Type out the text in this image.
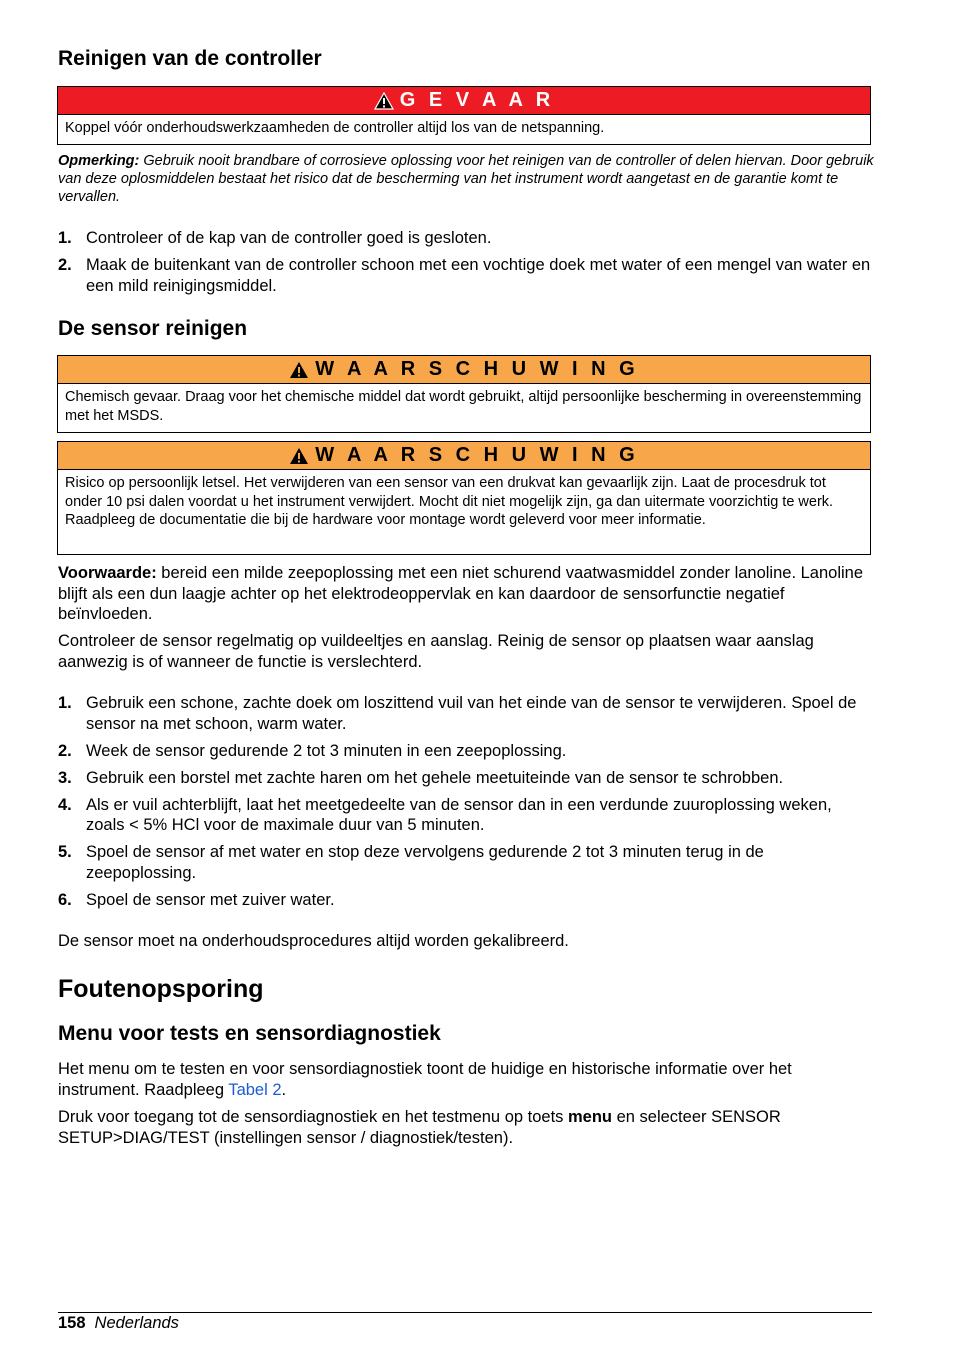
Reinigen van de controller
G E V A A R
Koppel vóór onderhoudswerkzaamheden de controller altijd los van de netspanning.
Opmerking: Gebruik nooit brandbare of corrosieve oplossing voor het reinigen van de controller of delen hiervan. Door gebruik van deze oplosmiddelen bestaat het risico dat de bescherming van het instrument wordt aangetast en de garantie komt te vervallen.
1. Controleer of de kap van de controller goed is gesloten.
2. Maak de buitenkant van de controller schoon met een vochtige doek met water of een mengel van water en een mild reinigingsmiddel.
De sensor reinigen
W A A R S C H U W I N G
Chemisch gevaar. Draag voor het chemische middel dat wordt gebruikt, altijd persoonlijke bescherming in overeenstemming met het MSDS.
W A A R S C H U W I N G
Risico op persoonlijk letsel. Het verwijderen van een sensor van een drukvat kan gevaarlijk zijn. Laat de procesdruk tot onder 10 psi dalen voordat u het instrument verwijdert. Mocht dit niet mogelijk zijn, ga dan uitermate voorzichtig te werk. Raadpleeg de documentatie die bij de hardware voor montage wordt geleverd voor meer informatie.
Voorwaarde: bereid een milde zeepoplossing met een niet schurend vaatwasmiddel zonder lanoline. Lanoline blijft als een dun laagje achter op het elektrodeoppervlak en kan daardoor de sensorfunctie negatief beïnvloeden.
Controleer de sensor regelmatig op vuildeeltjes en aanslag. Reinig de sensor op plaatsen waar aanslag aanwezig is of wanneer de functie is verslechterd.
1. Gebruik een schone, zachte doek om loszittend vuil van het einde van de sensor te verwijderen. Spoel de sensor na met schoon, warm water.
2. Week de sensor gedurende 2 tot 3 minuten in een zeepoplossing.
3. Gebruik een borstel met zachte haren om het gehele meetuiteinde van de sensor te schrobben.
4. Als er vuil achterblijft, laat het meetgedeelte van de sensor dan in een verdunde zuuroplossing weken, zoals < 5% HCl voor de maximale duur van 5 minuten.
5. Spoel de sensor af met water en stop deze vervolgens gedurende 2 tot 3 minuten terug in de zeepoplossing.
6. Spoel de sensor met zuiver water.
De sensor moet na onderhoudsprocedures altijd worden gekalibreerd.
Foutenopsporing
Menu voor tests en sensordiagnostiek
Het menu om te testen en voor sensordiagnostiek toont de huidige en historische informatie over het instrument. Raadpleeg Tabel 2.
Druk voor toegang tot de sensordiagnostiek en het testmenu op toets menu en selecteer SENSOR SETUP>DIAG/TEST (instellingen sensor / diagnostiek/testen).
158 Nederlands
